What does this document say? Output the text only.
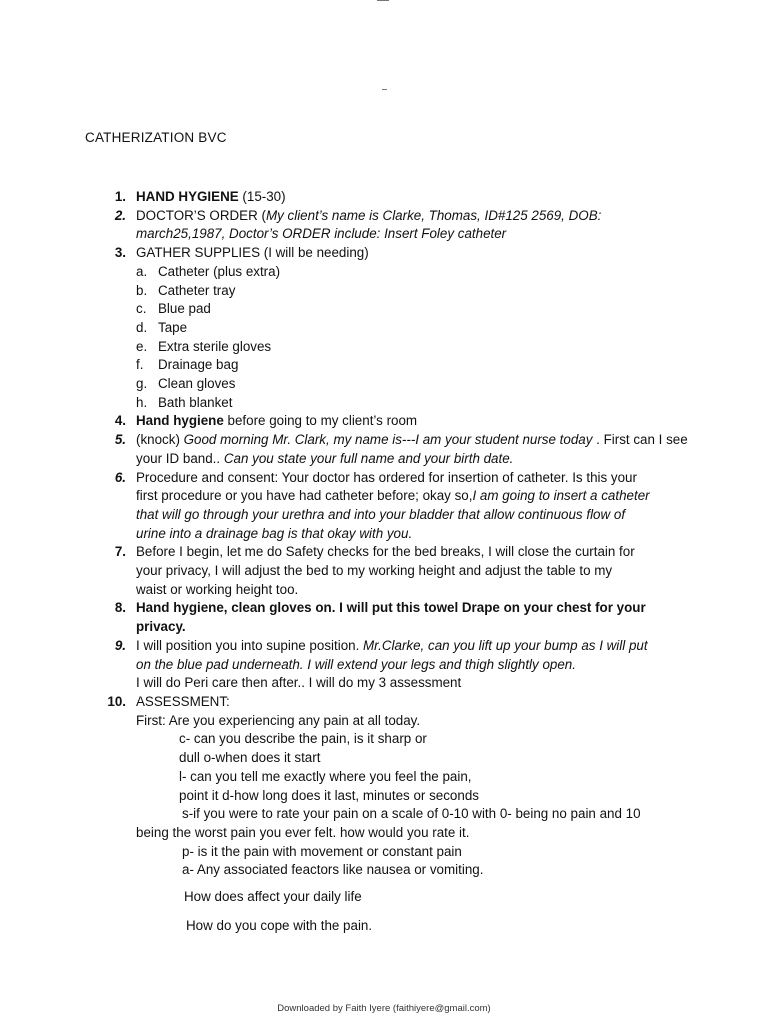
CATHERIZATION BVC
1. HAND HYGIENE (15-30)
2. DOCTOR’S ORDER (My client’s name is Clarke, Thomas, ID#125 2569, DOB:
march25,1987, Doctor’s ORDER include: Insert Foley catheter
3. GATHER SUPPLIES (I will be needing)
a. Catheter (plus extra)
b. Catheter tray
c. Blue pad
d. Tape
e. Extra sterile gloves
f. Drainage bag
g. Clean gloves
h. Bath blanket
4. Hand hygiene before going to my client’s room
5. (knock) Good morning Mr. Clark, my name is---I am your student nurse today . First can I see
your ID band.. Can you state your full name and your birth date.
6. Procedure and consent: Your doctor has ordered for insertion of catheter. Is this your
first procedure or you have had catheter before; okay so,I am going to insert a catheter
that will go through your urethra and into your bladder that allow continuous flow of
urine into a drainage bag is that okay with you.
7. Before I begin, let me do Safety checks for the bed breaks, I will close the curtain for
your privacy, I will adjust the bed to my working height and adjust the table to my
waist or working height too.
8. Hand hygiene, clean gloves on. I will put this towel Drape on your chest for your
privacy.
9. I will position you into supine position. Mr.Clarke, can you lift up your bump as I will put
on the blue pad underneath. I will extend your legs and thigh slightly open.
I will do Peri care then after.. I will do my 3 assessment
10. ASSESSMENT:
First: Are you experiencing any pain at all today.
c- can you describe the pain, is it sharp or
dull o-when does it start
l- can you tell me exactly where you feel the pain,
point it d-how long does it last, minutes or seconds
s-if you were to rate your pain on a scale of 0-10 with 0- being no pain and 10
being the worst pain you ever felt. how would you rate it.
p- is it the pain with movement or constant pain
a- Any associated feactors like nausea or vomiting.
How does affect your daily life
How do you cope with the pain.
Downloaded by Faith Iyere (faithiyere@gmail.com)
